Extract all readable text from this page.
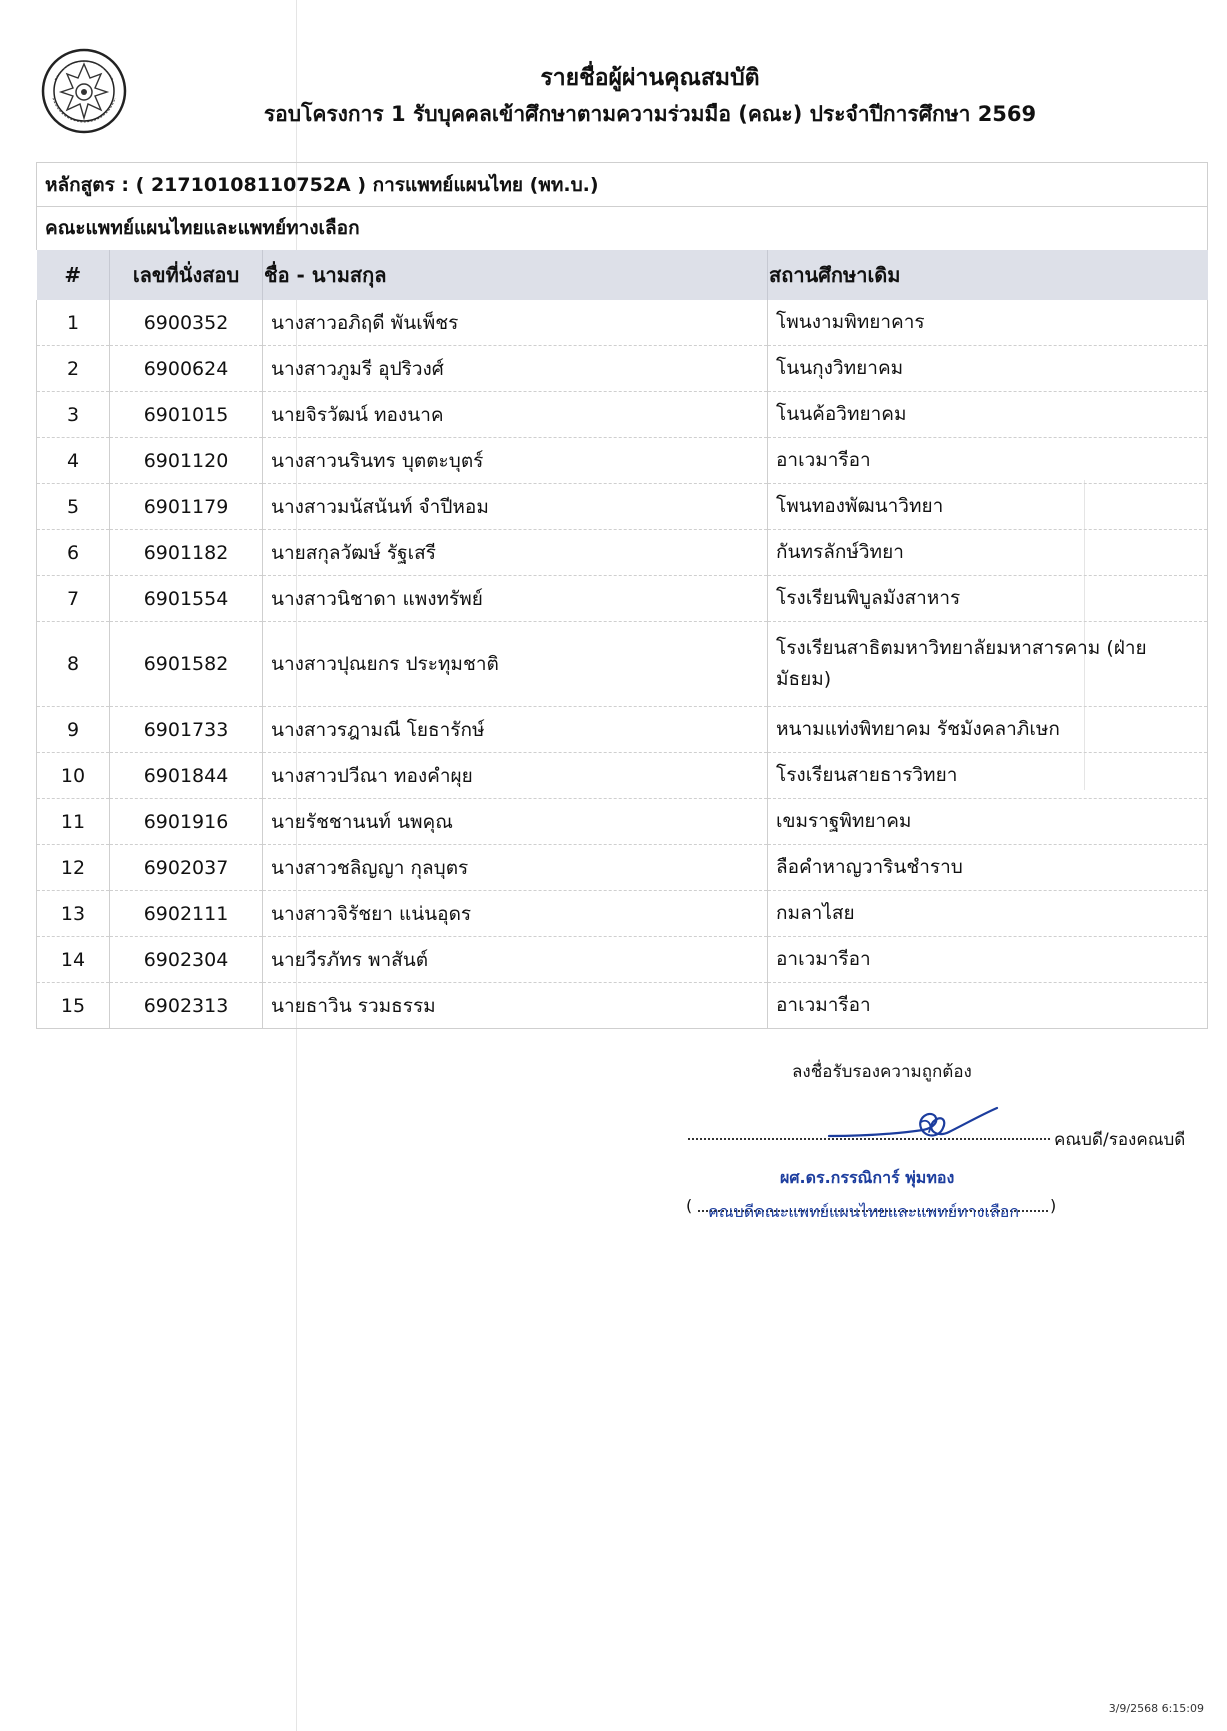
รายชื่อผู้ผ่านคุณสมบัติ
รอบโครงการ 1 รับบุคคลเข้าศึกษาตามความร่วมมือ (คณะ) ประจำปีการศึกษา 2569
หลักสูตร : ( 21710108110752A ) การแพทย์แผนไทย (พท.บ.)
คณะแพทย์แผนไทยและแพทย์ทางเลือก
#	เลขที่นั่งสอบ	ชื่อ - นามสกุล	สถานศึกษาเดิม
1	6900352	นางสาวอภิฤดี พันเพ็ชร	โพนงามพิทยาคาร
2	6900624	นางสาวภูมรี อุปริวงศ์	โนนกุงวิทยาคม
3	6901015	นายจิรวัฒน์ ทองนาค	โนนค้อวิทยาคม
4	6901120	นางสาวนรินทร บุตตะบุตร์	อาเวมารีอา
5	6901179	นางสาวมนัสนันท์ จำปีหอม	โพนทองพัฒนาวิทยา
6	6901182	นายสกุลวัฒษ์ รัฐเสรี	กันทรลักษ์วิทยา
7	6901554	นางสาวนิชาดา แพงทรัพย์	โรงเรียนพิบูลมังสาหาร
8	6901582	นางสาวปุณยกร ประทุมชาติ	โรงเรียนสาธิตมหาวิทยาลัยมหาสารคาม (ฝ่ายมัธยม)
9	6901733	นางสาวรฎามณี โยธารักษ์	หนามแท่งพิทยาคม รัชมังคลาภิเษก
10	6901844	นางสาวปวีณา ทองคำผุย	โรงเรียนสายธารวิทยา
11	6901916	นายรัชชานนท์ นพคุณ	เขมราฐพิทยาคม
12	6902037	นางสาวชลิญญา กุลบุตร	ลือคำหาญวารินชำราบ
13	6902111	นางสาวจิรัชยา แน่นอุดร	กมลาไสย
14	6902304	นายวีรภัทร พาสันต์	อาเวมารีอา
15	6902313	นายธาวิน รวมธรรม	อาเวมารีอา
ลงชื่อรับรองความถูกต้อง
คณบดี/รองคณบดี
ผศ.ดร.กรรณิการ์ พุ่มทอง
( คณบดีคณะแพทย์แผนไทยและแพทย์ทางเลือก )
3/9/2568 6:15:09
